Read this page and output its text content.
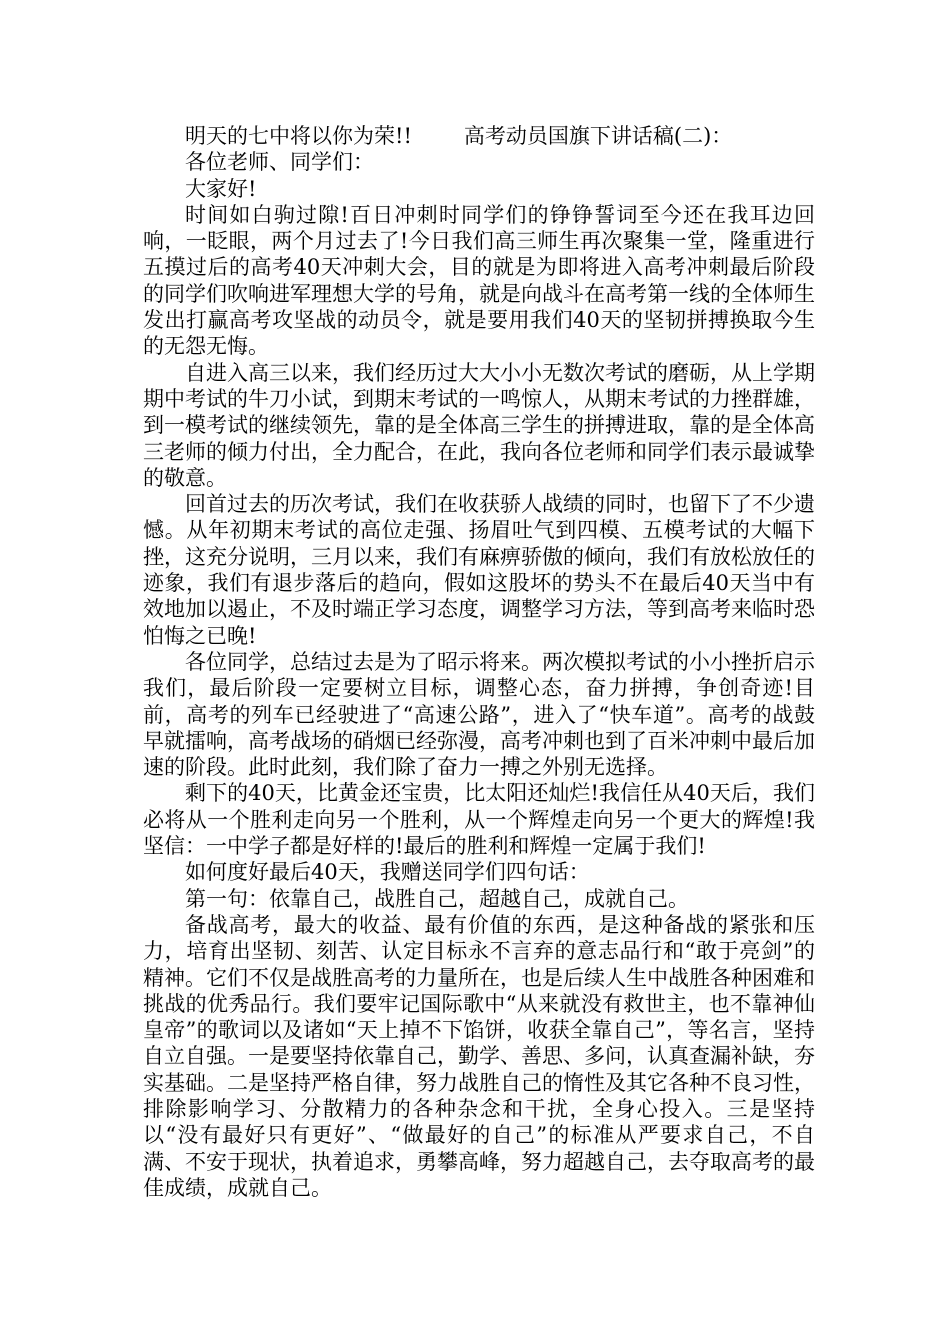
明天的七中将以你为荣!! 高考动员国旗下讲话稿(二)：

各位老师、同学们：

大家好!

时间如白驹过隙!百日冲刺时同学们的铮铮誓词至今还在我耳边回响，一眨眼，两个月过去了!今日我们高三师生再次聚集一堂，隆重进行五摸过后的高考40天冲刺大会，目的就是为即将进入高考冲刺最后阶段的同学们吹响进军理想大学的号角，就是向战斗在高考第一线的全体师生发出打赢高考攻坚战的动员令，就是要用我们40天的坚韧拼搏换取今生的无怨无悔。

自进入高三以来，我们经历过大大小小无数次考试的磨砺，从上学期期中考试的牛刀小试，到期末考试的一鸣惊人，从期末考试的力挫群雄，到一模考试的继续领先，靠的是全体高三学生的拼搏进取，靠的是全体高三老师的倾力付出，全力配合，在此，我向各位老师和同学们表示最诚挚的敬意。

回首过去的历次考试，我们在收获骄人战绩的同时，也留下了不少遗憾。从年初期末考试的高位走强、扬眉吐气到四模、五模考试的大幅下挫，这充分说明，三月以来，我们有麻痹骄傲的倾向，我们有放松放任的迹象，我们有退步落后的趋向，假如这股坏的势头不在最后40天当中有效地加以遏止，不及时端正学习态度，调整学习方法，等到高考来临时恐怕悔之已晚!

各位同学，总结过去是为了昭示将来。两次模拟考试的小小挫折启示我们，最后阶段一定要树立目标，调整心态，奋力拼搏，争创奇迹!目前，高考的列车已经驶进了“高速公路”，进入了“快车道”。高考的战鼓早就擂响，高考战场的硝烟已经弥漫，高考冲刺也到了百米冲刺中最后加速的阶段。此时此刻，我们除了奋力一搏之外别无选择。

剩下的40天，比黄金还宝贵，比太阳还灿烂!我信任从40天后，我们必将从一个胜利走向另一个胜利，从一个辉煌走向另一个更大的辉煌!我坚信：一中学子都是好样的!最后的胜利和辉煌一定属于我们!

如何度好最后40天，我赠送同学们四句话：

第一句：依靠自己，战胜自己，超越自己，成就自己。

备战高考，最大的收益、最有价值的东西，是这种备战的紧张和压力，培育出坚韧、刻苦、认定目标永不言弃的意志品行和“敢于亮剑”的精神。它们不仅是战胜高考的力量所在，也是后续人生中战胜各种困难和挑战的优秀品行。我们要牢记国际歌中“从来就没有救世主，也不靠神仙皇帝”的歌词以及诸如“天上掉不下馅饼，收获全靠自己”，等名言，坚持自立自强。一是要坚持依靠自己，勤学、善思、多问，认真查漏补缺，夯实基础。二是坚持严格自律，努力战胜自己的惰性及其它各种不良习性，排除影响学习、分散精力的各种杂念和干扰，全身心投入。三是坚持以“没有最好只有更好”、“做最好的自己”的标准从严要求自己，不自满、不安于现状，执着追求，勇攀高峰，努力超越自己，去夺取高考的最佳成绩，成就自己。
